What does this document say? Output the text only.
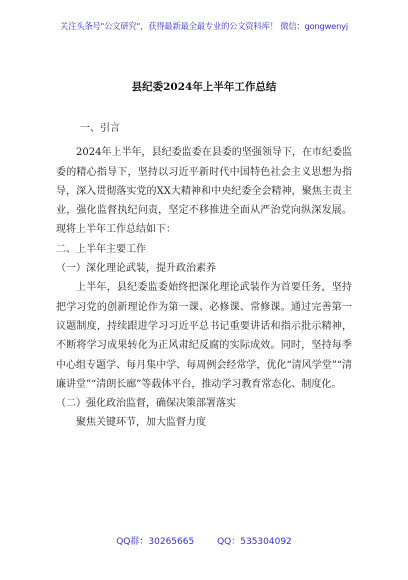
关注头条号"公文研究"，获得最新最全最专业的公文资料库！ 微信：gongwenyj
县纪委2024年上半年工作总结

一、引言

2024年上半年，县纪委监委在县委的坚强领导下，在市纪委监委的精心指导下，坚持以习近平新时代中国特色社会主义思想为指导，深入贯彻落实党的XX大精神和中央纪委全会精神，聚焦主责主业，强化监督执纪问责，坚定不移推进全面从严治党向纵深发展。现将上半年工作总结如下：

二、上半年主要工作

（一）深化理论武装，提升政治素养

上半年，县纪委监委始终把深化理论武装作为首要任务，坚持把学习党的创新理论作为第一课、必修课、常修课。通过完善第一议题制度，持续跟进学习习近平总书记重要讲话和指示批示精神，不断将学习成果转化为正风肃纪反腐的实际成效。同时，坚持每季中心组专题学、每月集中学、每周例会经常学，优化“清风学堂”“清廉讲堂”“清朗长廊”等载体平台，推动学习教育常态化、制度化。

（二）强化政治监督，确保决策部署落实

聚焦关键环节，加大监督力度

QQ群：30265665	QQ：535304092
